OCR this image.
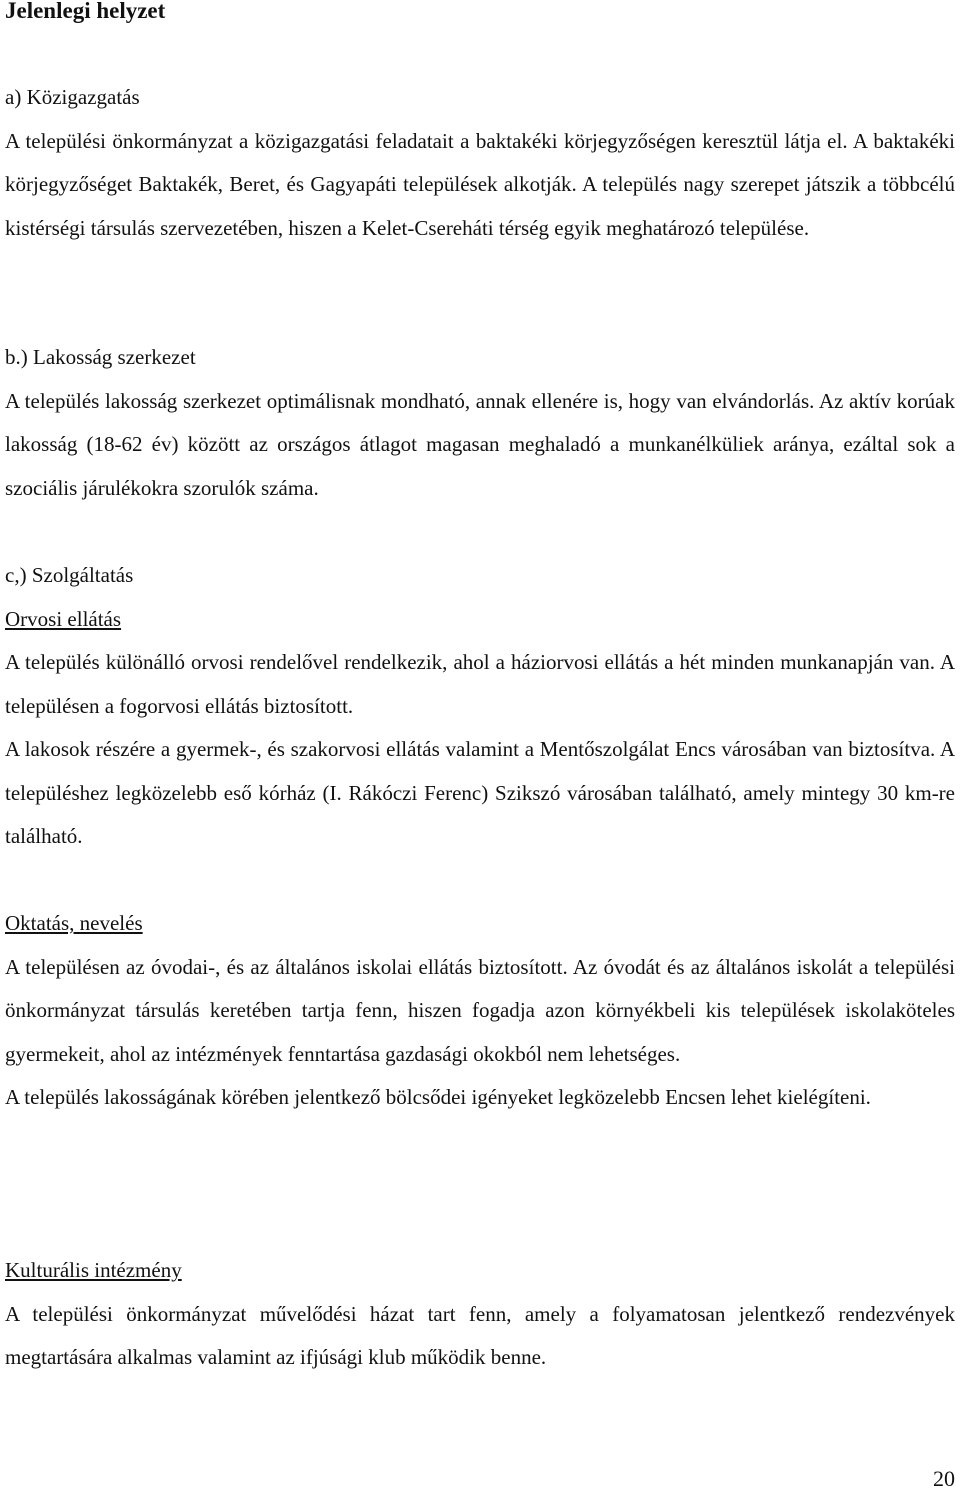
Jelenlegi helyzet

a) Közigazgatás

A települési önkormányzat a közigazgatási feladatait a baktakéki körjegyzőségen keresztül látja el. A baktakéki körjegyzőséget Baktakék, Beret, és Gagyapáti települések alkotják. A település nagy szerepet játszik a többcélú kistérségi társulás szervezetében, hiszen a Kelet-Csereháti térség egyik meghatározó települése.

b.) Lakosság szerkezet

A település lakosság szerkezet optimálisnak mondható, annak ellenére is, hogy van elvándorlás. Az aktív korúak lakosság (18-62 év) között az országos átlagot magasan meghaladó a munkanélküliek aránya, ezáltal sok a szociális járulékokra szorulók száma.

c,) Szolgáltatás

Orvosi ellátás

A település különálló orvosi rendelővel rendelkezik, ahol a háziorvosi ellátás a hét minden munkanapján van. A településen a fogorvosi ellátás biztosított.

A lakosok részére a gyermek-, és szakorvosi ellátás valamint a Mentőszolgálat Encs városában van biztosítva. A településhez legközelebb eső kórház (I. Rákóczi Ferenc) Szikszó városában található, amely mintegy 30 km-re található.

Oktatás, nevelés

A településen az óvodai-, és az általános iskolai ellátás biztosított. Az óvodát és az általános iskolát a települési önkormányzat társulás keretében tartja fenn, hiszen fogadja azon környékbeli kis települések iskolaköteles gyermekeit, ahol az intézmények fenntartása gazdasági okokból nem lehetséges.

A település lakosságának körében jelentkező bölcsődei igényeket legközelebb Encsen lehet kielégíteni.

Kulturális intézmény

A települési önkormányzat művelődési házat tart fenn, amely a folyamatosan jelentkező rendezvények megtartására alkalmas valamint az ifjúsági klub működik benne.

20
